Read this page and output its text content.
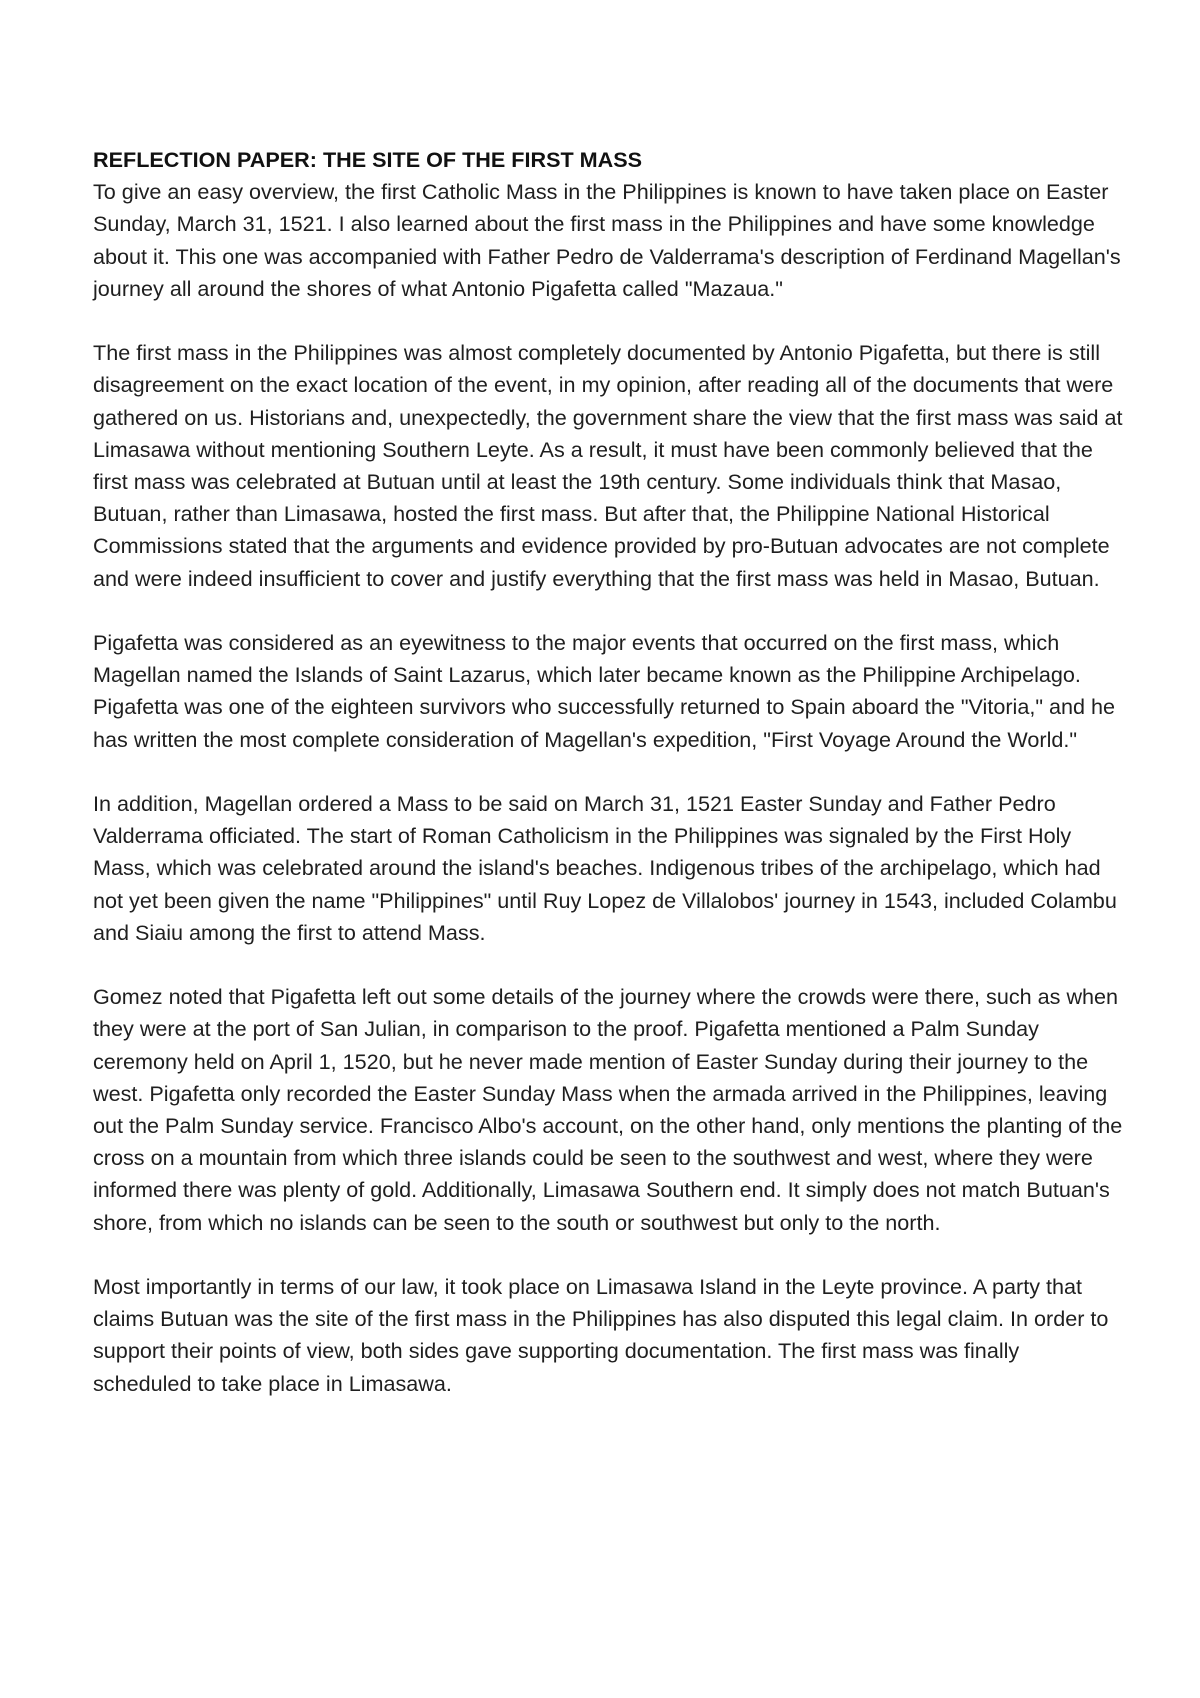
REFLECTION PAPER: THE SITE OF THE FIRST MASS

To give an easy overview, the first Catholic Mass in the Philippines is known to have taken place on Easter Sunday, March 31, 1521. I also learned about the first mass in the Philippines and have some knowledge about it. This one was accompanied with Father Pedro de Valderrama's description of Ferdinand Magellan's journey all around the shores of what Antonio Pigafetta called "Mazaua."

The first mass in the Philippines was almost completely documented by Antonio Pigafetta, but there is still disagreement on the exact location of the event, in my opinion, after reading all of the documents that were gathered on us. Historians and, unexpectedly, the government share the view that the first mass was said at Limasawa without mentioning Southern Leyte. As a result, it must have been commonly believed that the first mass was celebrated at Butuan until at least the 19th century. Some individuals think that Masao, Butuan, rather than Limasawa, hosted the first mass. But after that, the Philippine National Historical Commissions stated that the arguments and evidence provided by pro-Butuan advocates are not complete and were indeed insufficient to cover and justify everything that the first mass was held in Masao, Butuan.

Pigafetta was considered as an eyewitness to the major events that occurred on the first mass, which Magellan named the Islands of Saint Lazarus, which later became known as the Philippine Archipelago. Pigafetta was one of the eighteen survivors who successfully returned to Spain aboard the "Vitoria," and he has written the most complete consideration of Magellan's expedition, "First Voyage Around the World."

In addition, Magellan ordered a Mass to be said on March 31, 1521 Easter Sunday and Father Pedro Valderrama officiated. The start of Roman Catholicism in the Philippines was signaled by the First Holy Mass, which was celebrated around the island's beaches. Indigenous tribes of the archipelago, which had not yet been given the name "Philippines" until Ruy Lopez de Villalobos' journey in 1543, included Colambu and Siaiu among the first to attend Mass.

Gomez noted that Pigafetta left out some details of the journey where the crowds were there, such as when they were at the port of San Julian, in comparison to the proof. Pigafetta mentioned a Palm Sunday ceremony held on April 1, 1520, but he never made mention of Easter Sunday during their journey to the west. Pigafetta only recorded the Easter Sunday Mass when the armada arrived in the Philippines, leaving out the Palm Sunday service. Francisco Albo's account, on the other hand, only mentions the planting of the cross on a mountain from which three islands could be seen to the southwest and west, where they were informed there was plenty of gold. Additionally, Limasawa Southern end. It simply does not match Butuan's shore, from which no islands can be seen to the south or southwest but only to the north.

Most importantly in terms of our law, it took place on Limasawa Island in the Leyte province. A party that claims Butuan was the site of the first mass in the Philippines has also disputed this legal claim. In order to support their points of view, both sides gave supporting documentation. The first mass was finally scheduled to take place in Limasawa.
